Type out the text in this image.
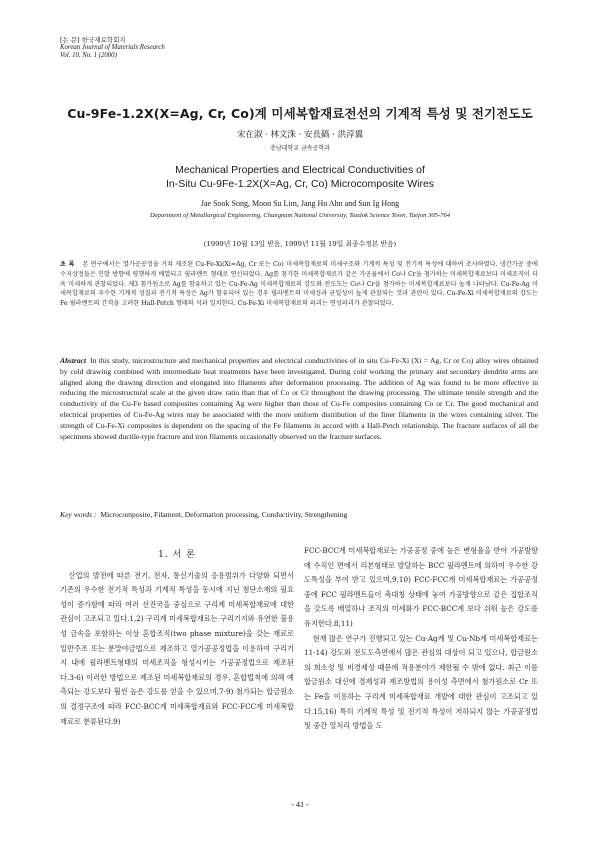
[논 문] 한국재료학회지
Korean Journal of Materials Research
Vol. 10, No. 1 (2000)
Cu-9Fe-1.2X(X=Ag, Cr, Co)계 미세복합재료전선의 기계적 특성 및 전기전도도
宋在淑 · 林文洙 · 安長鎬 · 洪淳翼
충남대학교 금속공학과
Mechanical Properties and Electrical Conductivities of
In-Situ Cu-9Fe-1.2X(X=Ag, Cr, Co) Microcomposite Wires
Jae Sook Song, Moon Su Lim, Jang Ho Ahn and Sun Ig Hong
Department of Metallurgical Engineering, Chungnam National University, Taedok Science Town, Taejon 305-764
(1999년 10월 13일 받음, 1999년 11월 19일 최종수정본 받음)
초 록 본 연구에서는 열가공공정을 거쳐 제조된 Cu-Fe-Xi(Xi=Ag, Cr 또는 Co) 미세복합재료의 미세구조와 기계적 특성 및 전기적 특성에 대하여 조사하였다. 냉간가공 중에 수지상정들은 인발 방향에 평행하게 배열되고 필라멘트 형태로 연신되었다. Ag를 첨가한 미세복합재료가 같은 가공율에서 Co나 Cr을 첨가하는 미세복합재료보다 미세조직이 더욱 미세하게 관찰되었다. 제3 첨가원소로 Ag를 함유하고 있는 Cu-Fe-Ag 미세복합재료의 강도와 전도도는 Co나 Cr을 첨가하는 미세복합재료보다 높게 나타났다. Cu-Fe-Ag 미세복합재료의 우수한 기계적 성질과 전기적 특성은 Ag가 함유되어 있는 경우 필라멘트의 미세성과 균일성이 높게 관찰되는 것과 관련이 있다. Cu-Fe-Xi 미세복합재료의 강도는 Fe 필라멘트의 간격을 고려한 Hall-Petch 형태의 식과 일치한다. Cu-Fe-Xi 미세복합재료의 파괴는 연성파괴가 관찰되었다.
Abstract In this study, microstructure and mechanical properties and electrical conductivities of in situ Cu-Fe-Xi (Xi = Ag, Cr or Co) alloy wires obtained by cold drawing combined with intermediate heat treatments have been investigated. During cold working the primary and secondary dendrite arms are aligned along the drawing direction and elongated into filaments after deformation processing. The addition of Ag was found to be more effective in reducing the microstructural scale at the given draw ratio than that of Co or Cr throughout the drawing processing. The ultimate tensile strength and the conductivity of the Cu-Fe based composites containing Ag were higher than those of Cu-Fe composites containing Co or Cr. The good mechanical and electrical properties of Cu-Fe-Ag wires may be associated with the more uniform distribution of the finer filaments in the wires containing silver. The strength of Cu-Fe-Xi composites is dependent on the spacing of the Fe filaments in accord with a Hall-Petch relationship. The fracture surfaces of all the specimens showed ductile-type fracture and iron filaments occasionally observed on the fracture surfaces.
Key words : Microcomposite, Filament, Deformation processing, Conductivity, Strengthening
1. 서 론

산업의 발전에 따른 전기, 전자, 통신기술의 응용범위가 다양화 되면서 기존의 우수한 전기적 특성과 기계적 특성을 동시에 지닌 첨단소재의 필요성이 증가함에 따라 여러 선진국을 중심으로 구리계 미세복합재료에 대한 관심이 고조되고 있다.1,2) 구리계 미세복합재료는 구리기지와 유연한 불용성 금속을 포함하는 이상 혼합조직(two phase mixture)을 갖는 재료로 일반주조 또는 분말야금법으로 제조하고 열가공공정법을 이용하여 구리기지 내에 필라멘트형태의 미세조직을 형성시키는 가공공정법으로 제조된다.3-6) 이러한 방법으로 제조된 미세복합재료의 경우, 혼합법칙에 의해 예측되는 강도보다 훨씬 높은 강도를 얻을 수 있으며,7-9) 첨가되는 합금원소의 결정구조에 따라 FCC-BCC계 미세복합재료와 FCC-FCC계 미세복합재료로 분류된다.9)

FCC-BCC계 미세복합재료는 가공공정 중에 높은 변형율을 받아 가공방향에 수직인 면에서 리본형태로 발달하는 BCC 필라멘트에 의하여 우수한 강도특성을 부여 받고 있으며,9,10) FCC-FCC계 미세복합재료는 가공공정 중에 FCC 필라멘트들이 축대칭 상태에 놓여 가공방향으로 같은 집합조직을 갖도록 배열하나 조직의 미세화가 FCC-BCC계 보다 쉬워 높은 강도를 유지한다.8,11)

현재 많은 연구가 진행되고 있는 Cu-Ag계 및 Cu-Nb계 미세복합재료는11-14) 강도와 전도도측면에서 많은 관심의 대상이 되고 있으나, 합금원소의 희소성 및 비경제성 때문에 적용분야가 제한될 수 밖에 없다. 최근 이를 합금원소 대신에 경제성과 제조방법의 용이성 측면에서 첨가원소로 Cr 또는 Fe을 이용하는 구리계 미세복합재료 개발에 대한 관심이 고조되고 있다.15,16) 특히 기계적 특성 및 전기적 특성이 저하되지 않는 가공공정법 및 중간 열처리 방법을 도

- 41 -
